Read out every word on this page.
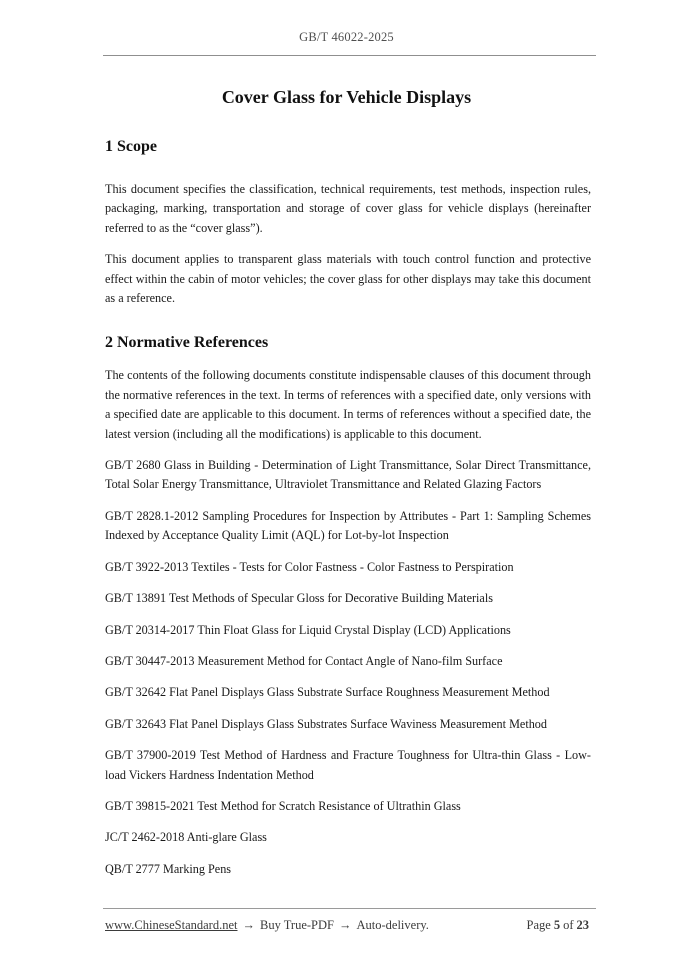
GB/T 46022-2025
Cover Glass for Vehicle Displays
1 Scope

This document specifies the classification, technical requirements, test methods, inspection rules, packaging, marking, transportation and storage of cover glass for vehicle displays (hereinafter referred to as the “cover glass”).

This document applies to transparent glass materials with touch control function and protective effect within the cabin of motor vehicles; the cover glass for other displays may take this document as a reference.

2 Normative References

The contents of the following documents constitute indispensable clauses of this document through the normative references in the text. In terms of references with a specified date, only versions with a specified date are applicable to this document. In terms of references without a specified date, the latest version (including all the modifications) is applicable to this document.

GB/T 2680 Glass in Building - Determination of Light Transmittance, Solar Direct Transmittance, Total Solar Energy Transmittance, Ultraviolet Transmittance and Related Glazing Factors

GB/T 2828.1-2012 Sampling Procedures for Inspection by Attributes - Part 1: Sampling Schemes Indexed by Acceptance Quality Limit (AQL) for Lot-by-lot Inspection

GB/T 3922-2013 Textiles - Tests for Color Fastness - Color Fastness to Perspiration

GB/T 13891 Test Methods of Specular Gloss for Decorative Building Materials

GB/T 20314-2017 Thin Float Glass for Liquid Crystal Display (LCD) Applications

GB/T 30447-2013 Measurement Method for Contact Angle of Nano-film Surface

GB/T 32642 Flat Panel Displays Glass Substrate Surface Roughness Measurement Method

GB/T 32643 Flat Panel Displays Glass Substrates Surface Waviness Measurement Method

GB/T 37900-2019 Test Method of Hardness and Fracture Toughness for Ultra-thin Glass - Low-load Vickers Hardness Indentation Method

GB/T 39815-2021 Test Method for Scratch Resistance of Ultrathin Glass

JC/T 2462-2018 Anti-glare Glass

QB/T 2777 Marking Pens

www.ChineseStandard.net → Buy True-PDF → Auto-delivery.	Page 5 of 23
